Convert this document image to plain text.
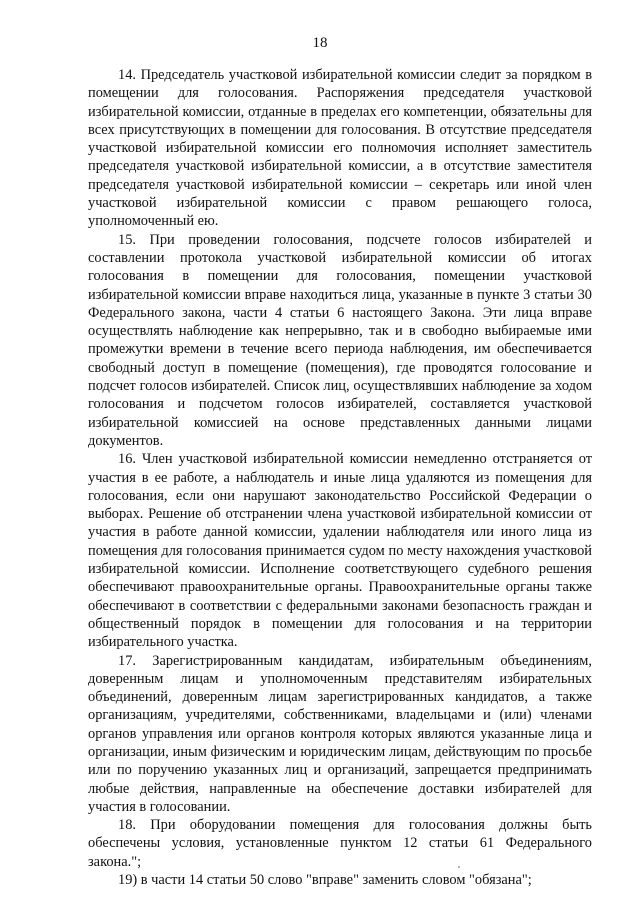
18

14. Председатель участковой избирательной комиссии следит за порядком в помещении для голосования. Распоряжения председателя участковой избирательной комиссии, отданные в пределах его компетенции, обязательны для всех присутствующих в помещении для голосования. В отсутствие председателя участковой избирательной комиссии его полномочия исполняет заместитель председателя участковой избирательной комиссии, а в отсутствие заместителя председателя участковой избирательной комиссии – секретарь или иной член участковой избирательной комиссии с правом решающего голоса, уполномоченный ею.

15. При проведении голосования, подсчете голосов избирателей и составлении протокола участковой избирательной комиссии об итогах голосования в помещении для голосования, помещении участковой избирательной комиссии вправе находиться лица, указанные в пункте 3 статьи 30 Федерального закона, части 4 статьи 6 настоящего Закона. Эти лица вправе осуществлять наблюдение как непрерывно, так и в свободно выбираемые ими промежутки времени в течение всего периода наблюдения, им обеспечивается свободный доступ в помещение (помещения), где проводятся голосование и подсчет голосов избирателей. Список лиц, осуществлявших наблюдение за ходом голосования и подсчетом голосов избирателей, составляется участковой избирательной комиссией на основе представленных данными лицами документов.

16. Член участковой избирательной комиссии немедленно отстраняется от участия в ее работе, а наблюдатель и иные лица удаляются из помещения для голосования, если они нарушают законодательство Российской Федерации о выборах. Решение об отстранении члена участковой избирательной комиссии от участия в работе данной комиссии, удалении наблюдателя или иного лица из помещения для голосования принимается судом по месту нахождения участковой избирательной комиссии. Исполнение соответствующего судебного решения обеспечивают правоохранительные органы. Правоохранительные органы также обеспечивают в соответствии с федеральными законами безопасность граждан и общественный порядок в помещении для голосования и на территории избирательного участка.

17. Зарегистрированным кандидатам, избирательным объединениям, доверенным лицам и уполномоченным представителям избирательных объединений, доверенным лицам зарегистрированных кандидатов, а также организациям, учредителями, собственниками, владельцами и (или) членами органов управления или органов контроля которых являются указанные лица и организации, иным физическим и юридическим лицам, действующим по просьбе или по поручению указанных лиц и организаций, запрещается предпринимать любые действия, направленные на обеспечение доставки избирателей для участия в голосовании.

18. При оборудовании помещения для голосования должны быть обеспечены условия, установленные пунктом 12 статьи 61 Федерального закона.";

19) в части 14 статьи 50 слово "вправе" заменить словом "обязана";
